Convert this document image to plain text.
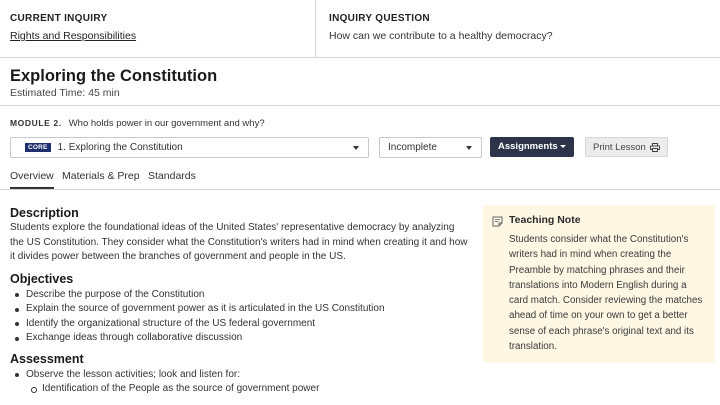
CURRENT INQUIRY
Rights and Responsibilities
INQUIRY QUESTION
How can we contribute to a healthy democracy?
Exploring the Constitution
Estimated Time: 45 min
MODULE 2. Who holds power in our government and why?
CORE	1. Exploring the Constitution	Incomplete	Assignments	Print Lesson
Overview Materials & Prep Standards
Description
Students explore the foundational ideas of the United States' representative democracy by analyzing the US Constitution. They consider what the Constitution's writers had in mind when creating it and how it divides power between the branches of government and people in the US.
Objectives
Describe the purpose of the Constitution
Explain the source of government power as it is articulated in the US Constitution
Identify the organizational structure of the US federal government
Exchange ideas through collaborative discussion
Assessment
Observe the lesson activities; look and listen for:
Identification of the People as the source of government power
Teaching Note
Students consider what the Constitution's writers had in mind when creating the Preamble by matching phrases and their translations into Modern English during a card match. Consider reviewing the matches ahead of time on your own to get a better sense of each phrase's original text and its translation.
